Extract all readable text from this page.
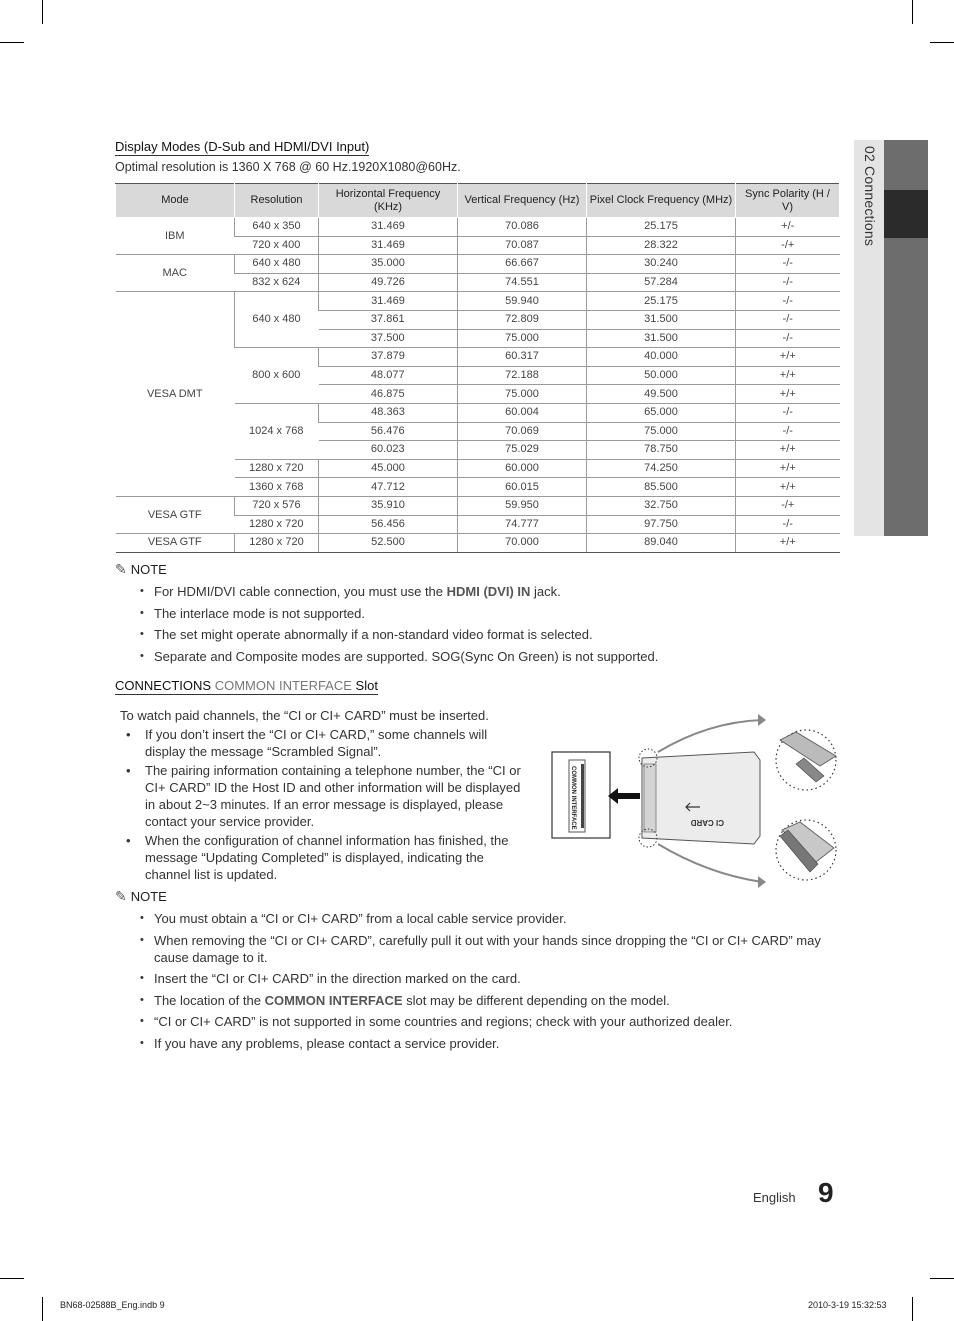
02 Connections
Display Modes (D-Sub and HDMI/DVI Input)
Optimal resolution is 1360 X 768 @ 60 Hz.1920X1080@60Hz.
Mode	Resolution	Horizontal Frequency (KHz)	Vertical Frequency (Hz)	Pixel Clock Frequency (MHz)	Sync Polarity (H / V)
IBM	640 x 350	31.469	70.086	25.175	+/-
	720 x 400	31.469	70.087	28.322	-/+
MAC	640 x 480	35.000	66.667	30.240	-/-
	832 x 624	49.726	74.551	57.284	-/-
VESA DMT	640 x 480	31.469	59.940	25.175	-/-
		37.861	72.809	31.500	-/-
		37.500	75.000	31.500	-/-
	800 x 600	37.879	60.317	40.000	+/+
		48.077	72.188	50.000	+/+
		46.875	75.000	49.500	+/+
	1024 x 768	48.363	60.004	65.000	-/-
		56.476	70.069	75.000	-/-
		60.023	75.029	78.750	+/+
	1280 x 720	45.000	60.000	74.250	+/+
	1360 x 768	47.712	60.015	85.500	+/+
VESA GTF	720 x 576	35.910	59.950	32.750	-/+
	1280 x 720	56.456	74.777	97.750	-/-
VESA GTF	1280 x 720	52.500	70.000	89.040	+/+
✎ NOTE
• For HDMI/DVI cable connection, you must use the HDMI (DVI) IN jack.
• The interlace mode is not supported.
• The set might operate abnormally if a non-standard video format is selected.
• Separate and Composite modes are supported. SOG(Sync On Green) is not supported.
CONNECTIONS COMMON INTERFACE Slot
To watch paid channels, the “CI or CI+ CARD” must be inserted.
• If you don’t insert the “CI or CI+ CARD,” some channels will display the message “Scrambled Signal”.
• The pairing information containing a telephone number, the “CI or CI+ CARD” ID the Host ID and other information will be displayed in about 2~3 minutes. If an error message is displayed, please contact your service provider.
• When the configuration of channel information has finished, the message “Updating Completed” is displayed, indicating the channel list is updated.
COMMON INTERFACE	CI CARD
✎ NOTE
• You must obtain a “CI or CI+ CARD” from a local cable service provider.
• When removing the “CI or CI+ CARD”, carefully pull it out with your hands since dropping the “CI or CI+ CARD” may cause damage to it.
• Insert the “CI or CI+ CARD” in the direction marked on the card.
• The location of the COMMON INTERFACE slot may be different depending on the model.
• “CI or CI+ CARD” is not supported in some countries and regions; check with your authorized dealer.
• If you have any problems, please contact a service provider.
English 9
BN68-02588B_Eng.indb 9	2010-3-19 15:32:53
